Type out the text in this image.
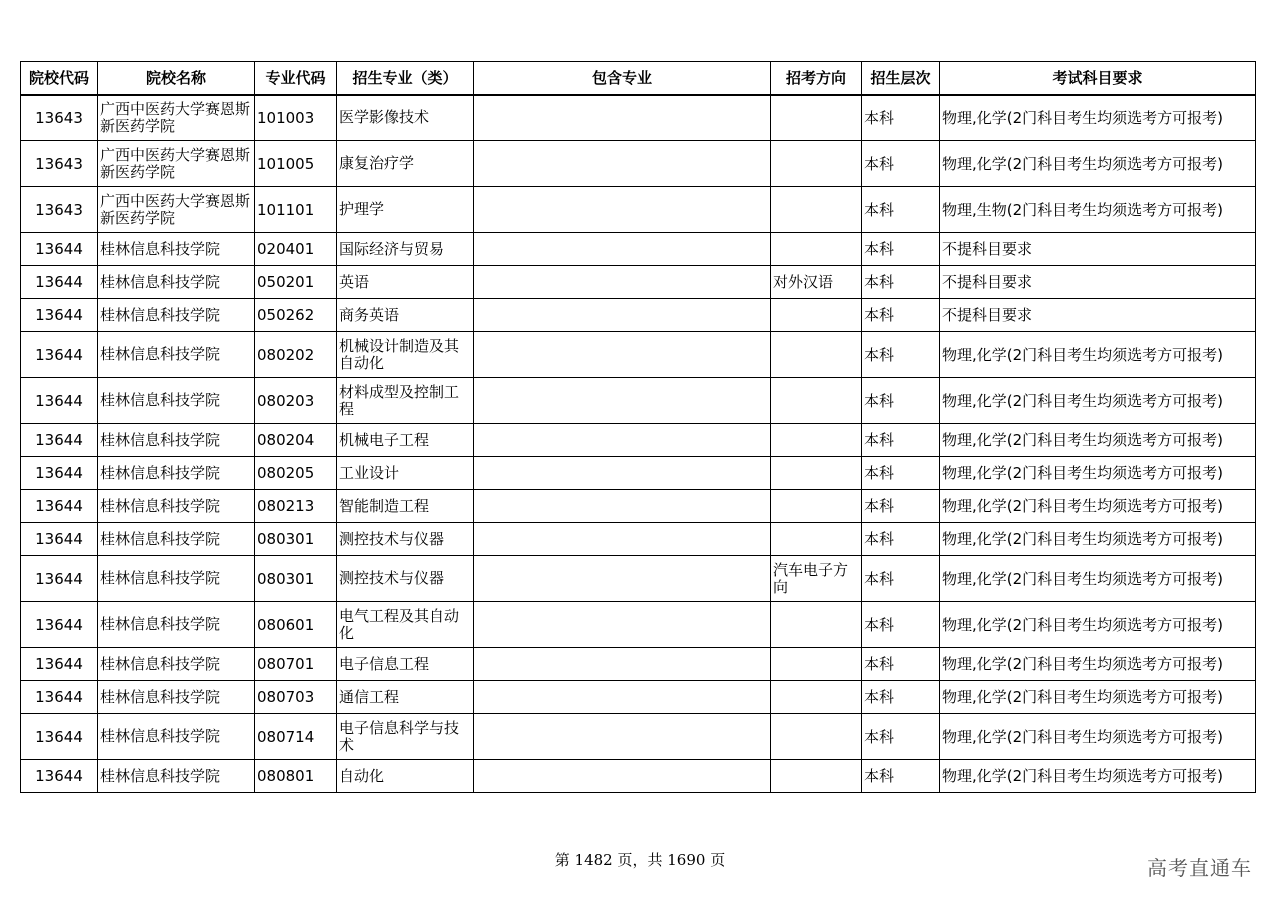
院校代码	院校名称	专业代码	招生专业（类）	包含专业	招考方向	招生层次	考试科目要求
13643	广西中医药大学赛恩斯新医药学院	101003	医学影像技术			本科	物理,化学(2门科目考生均须选考方可报考)
13643	广西中医药大学赛恩斯新医药学院	101005	康复治疗学			本科	物理,化学(2门科目考生均须选考方可报考)
13643	广西中医药大学赛恩斯新医药学院	101101	护理学			本科	物理,生物(2门科目考生均须选考方可报考)
13644	桂林信息科技学院	020401	国际经济与贸易			本科	不提科目要求
13644	桂林信息科技学院	050201	英语		对外汉语	本科	不提科目要求
13644	桂林信息科技学院	050262	商务英语			本科	不提科目要求
13644	桂林信息科技学院	080202	机械设计制造及其自动化			本科	物理,化学(2门科目考生均须选考方可报考)
13644	桂林信息科技学院	080203	材料成型及控制工程			本科	物理,化学(2门科目考生均须选考方可报考)
13644	桂林信息科技学院	080204	机械电子工程			本科	物理,化学(2门科目考生均须选考方可报考)
13644	桂林信息科技学院	080205	工业设计			本科	物理,化学(2门科目考生均须选考方可报考)
13644	桂林信息科技学院	080213	智能制造工程			本科	物理,化学(2门科目考生均须选考方可报考)
13644	桂林信息科技学院	080301	测控技术与仪器			本科	物理,化学(2门科目考生均须选考方可报考)
13644	桂林信息科技学院	080301	测控技术与仪器		汽车电子方向	本科	物理,化学(2门科目考生均须选考方可报考)
13644	桂林信息科技学院	080601	电气工程及其自动化			本科	物理,化学(2门科目考生均须选考方可报考)
13644	桂林信息科技学院	080701	电子信息工程			本科	物理,化学(2门科目考生均须选考方可报考)
13644	桂林信息科技学院	080703	通信工程			本科	物理,化学(2门科目考生均须选考方可报考)
13644	桂林信息科技学院	080714	电子信息科学与技术			本科	物理,化学(2门科目考生均须选考方可报考)
13644	桂林信息科技学院	080801	自动化			本科	物理,化学(2门科目考生均须选考方可报考)
第 1482 页，共 1690 页	高考直通车
